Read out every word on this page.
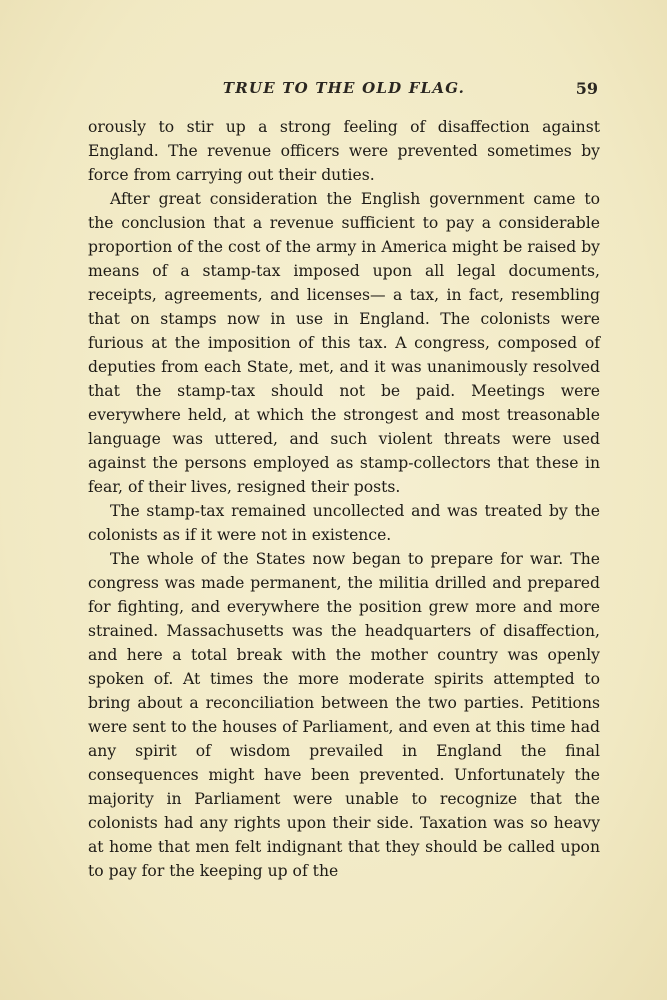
TRUE TO THE OLD FLAG.	59

orously to stir up a strong feeling of disaffection against England. The revenue officers were prevented sometimes by force from carrying out their duties.

After great consideration the English government came to the conclusion that a revenue sufficient to pay a considerable proportion of the cost of the army in America might be raised by means of a stamp-tax imposed upon all legal documents, receipts, agreements, and licenses— a tax, in fact, resembling that on stamps now in use in England. The colonists were furious at the imposition of this tax. A congress, composed of deputies from each State, met, and it was unanimously resolved that the stamp-tax should not be paid. Meetings were everywhere held, at which the strongest and most treasonable language was uttered, and such violent threats were used against the persons employed as stamp-collectors that these in fear, of their lives, resigned their posts.

The stamp-tax remained uncollected and was treated by the colonists as if it were not in existence.

The whole of the States now began to prepare for war. The congress was made permanent, the militia drilled and prepared for fighting, and everywhere the position grew more and more strained. Massachusetts was the headquarters of disaffection, and here a total break with the mother country was openly spoken of. At times the more moderate spirits attempted to bring about a reconciliation between the two parties. Petitions were sent to the houses of Parliament, and even at this time had any spirit of wisdom prevailed in England the final consequences might have been prevented. Unfortunately the majority in Parliament were unable to recognize that the colonists had any rights upon their side. Taxation was so heavy at home that men felt indignant that they should be called upon to pay for the keeping up of the
